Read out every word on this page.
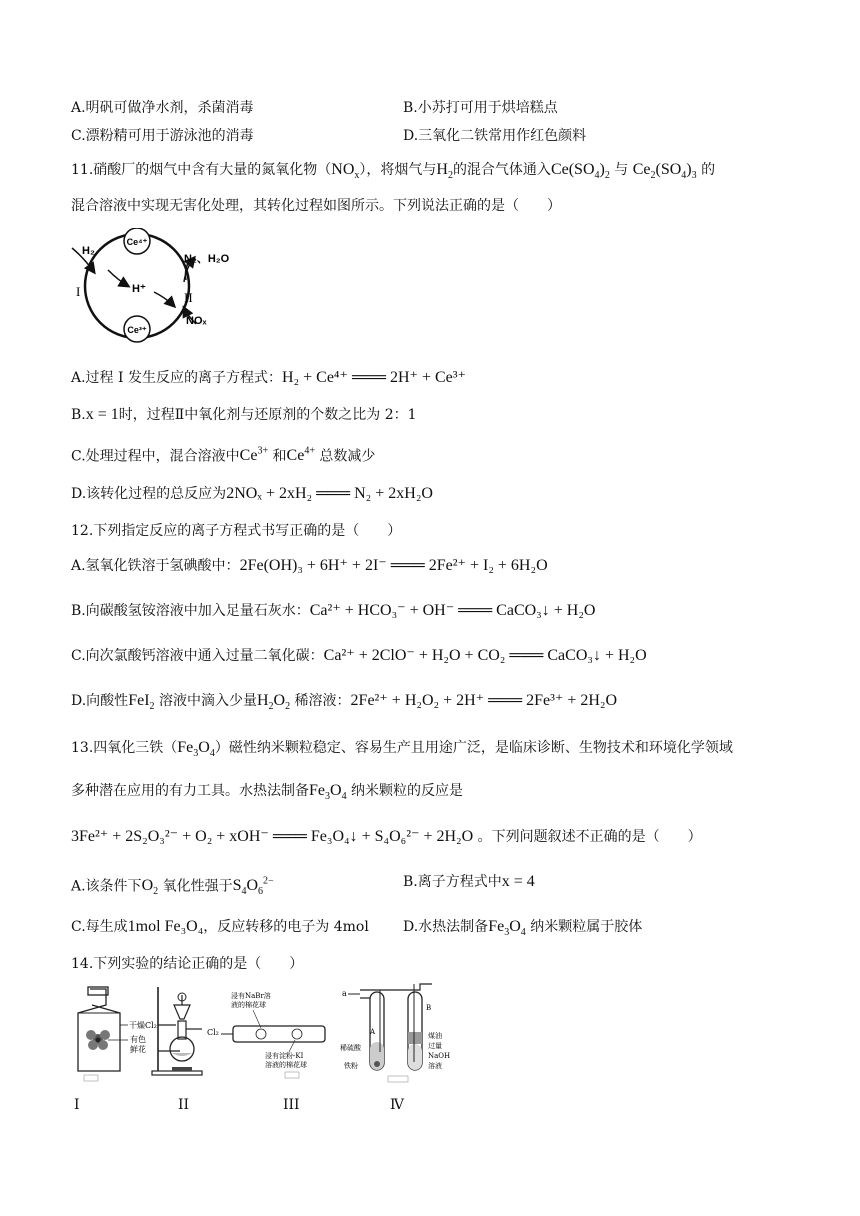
A.明矾可做净水剂，杀菌消毒	B.小苏打可用于烘培糕点
C.漂粉精可用于游泳池的消毒	D.三氧化二铁常用作红色颜料
11.硝酸厂的烟气中含有大量的氮氧化物$(NO_x)$，将烟气与$H_2$的混合气体通入$Ce(SO_4)_2$ 与 $Ce_2(SO_4)_3$ 的
混合溶液中实现无害化处理，其转化过程如图所示。下列说法正确的是（　　）
Ce⁴⁺
Ce³⁺
H₂
H⁺
N₂、H₂O
NOₓ
I	II
A.过程 I 发生反应的离子方程式：H₂ + Ce⁴⁺ ═══ 2H⁺ + Ce³⁺
B.x = 1时，过程Ⅱ中氧化剂与还原剂的个数之比为 2：1
C.处理过程中，混合溶液中$Ce^{3+}$ 和$Ce^{4+}$ 总数减少
D.该转化过程的总反应为2NOₓ + 2xH₂ ═══ N₂ + 2xH₂O
12.下列指定反应的离子方程式书写正确的是（　　）
A.氢氧化铁溶于氢碘酸中：2Fe(OH)₃ + 6H⁺ + 2I⁻ ═══ 2Fe²⁺ + I₂ + 6H₂O
B.向碳酸氢铵溶液中加入足量石灰水：Ca²⁺ + HCO₃⁻ + OH⁻ ═══ CaCO₃↓ + H₂O
C.向次氯酸钙溶液中通入过量二氧化碳：Ca²⁺ + 2ClO⁻ + H₂O + CO₂ ═══ CaCO₃↓ + H₂O
D.向酸性FeI$_2$ 溶液中滴入少量$H_2O_2$ 稀溶液：2Fe²⁺ + H₂O₂ + 2H⁺ ═══ 2Fe³⁺ + 2H₂O
13.四氧化三铁$(Fe_3O_4)$磁性纳米颗粒稳定、容易生产且用途广泛，是临床诊断、生物技术和环境化学领域
多种潜在应用的有力工具。水热法制备$Fe_3O_4$ 纳米颗粒的反应是
3Fe²⁺ + 2S₂O₃²⁻ + O₂ + xOH⁻ ═══ Fe₃O₄↓ + S₄O₆²⁻ + 2H₂O 。下列问题叙述不正确的是（　　）
A.该条件下$O_2$ 氧化性强于$S_4O_6^{2-}$	B.离子方程式中x = 4
C.每生成1mol Fe₃O₄，反应转移的电子为 4mol D.水热法制备$Fe_3O_4$ 纳米颗粒属于胶体
14.下列实验的结论正确的是（　　）
干燥Cl₂
有色
鲜花
I	II
Cl₂
浸有NaBr溶
液的棉花球
浸有淀粉-KI
溶液的棉花球
III
a
A
B
稀硫酸
铁粉
煤油
过量
NaOH
溶液
Ⅳ
